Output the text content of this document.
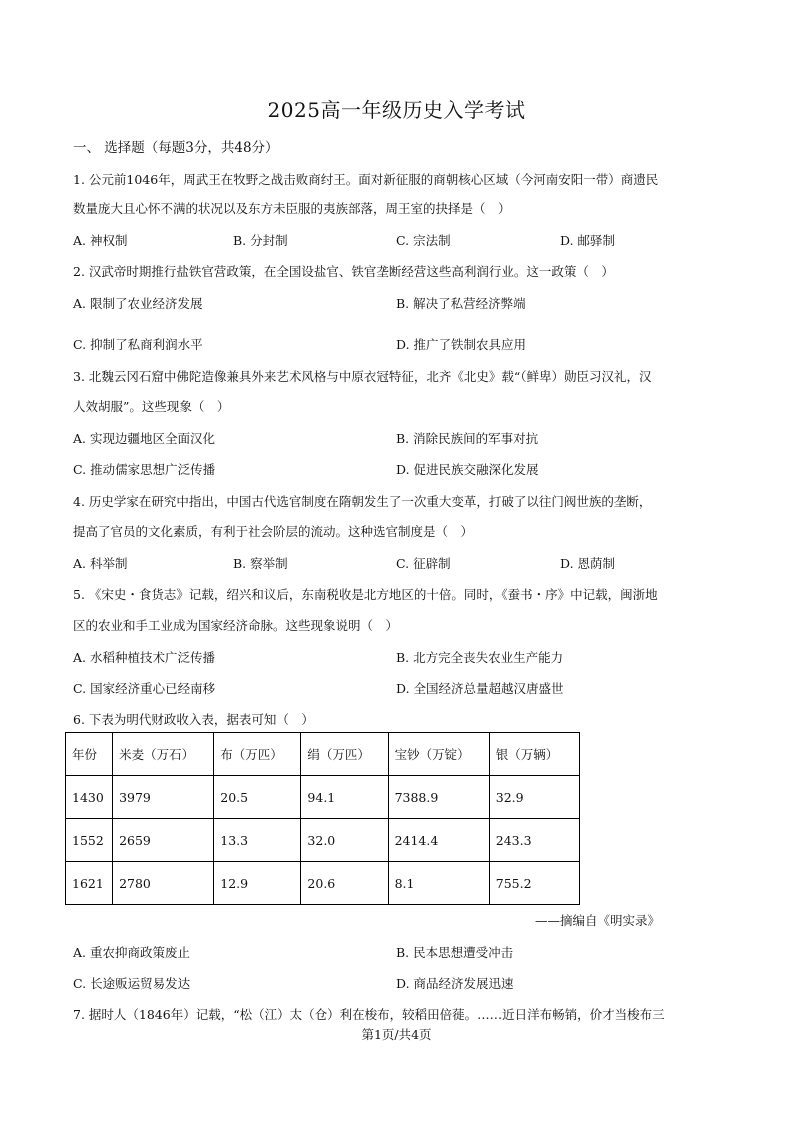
2025高一年级历史入学考试
一、 选择题（每题3分，共48分）
1. 公元前1046年，周武王在牧野之战击败商纣王。面对新征服的商朝核心区域（今河南安阳一带）商遗民
数量庞大且心怀不满的状况以及东方未臣服的夷族部落，周王室的抉择是（　）
A. 神权制	B. 分封制	C. 宗法制	D. 邮驿制
2. 汉武帝时期推行盐铁官营政策，在全国设盐官、铁官垄断经营这些高利润行业。这一政策（　）
A. 限制了农业经济发展	B. 解决了私营经济弊端
C. 抑制了私商利润水平	D. 推广了铁制农具应用
3. 北魏云冈石窟中佛陀造像兼具外来艺术风格与中原衣冠特征，北齐《北史》载“（鲜卑）勋臣习汉礼，汉
人效胡服”。这些现象（　）
A. 实现边疆地区全面汉化	B. 消除民族间的军事对抗
C. 推动儒家思想广泛传播	D. 促进民族交融深化发展
4. 历史学家在研究中指出，中国古代选官制度在隋朝发生了一次重大变革，打破了以往门阀世族的垄断，
提高了官员的文化素质，有利于社会阶层的流动。这种选官制度是（　）
A. 科举制	B. 察举制	C. 征辟制	D. 恩荫制
5. 《宋史・食货志》记载，绍兴和议后，东南税收是北方地区的十倍。同时，《蚕书・序》中记载，闽浙地
区的农业和手工业成为国家经济命脉。这些现象说明（　）
A. 水稻种植技术广泛传播	B. 北方完全丧失农业生产能力
C. 国家经济重心已经南移	D. 全国经济总量超越汉唐盛世
6. 下表为明代财政收入表，据表可知（　）
年份	米麦（万石）	布（万匹）	绢（万匹）	宝钞（万锭）	银（万辆）
1430	3979	20.5	94.1	7388.9	32.9
1552	2659	13.3	32.0	2414.4	243.3
1621	2780	12.9	20.6	8.1	755.2
——摘编自《明实录》
A. 重农抑商政策废止	B. 民本思想遭受冲击
C. 长途贩运贸易发达	D. 商品经济发展迅速
7. 据时人（1846年）记载，“松（江）太（仓）利在梭布，较稻田倍蓰。……近日洋布畅销，价才当梭布三
第1页/共4页
